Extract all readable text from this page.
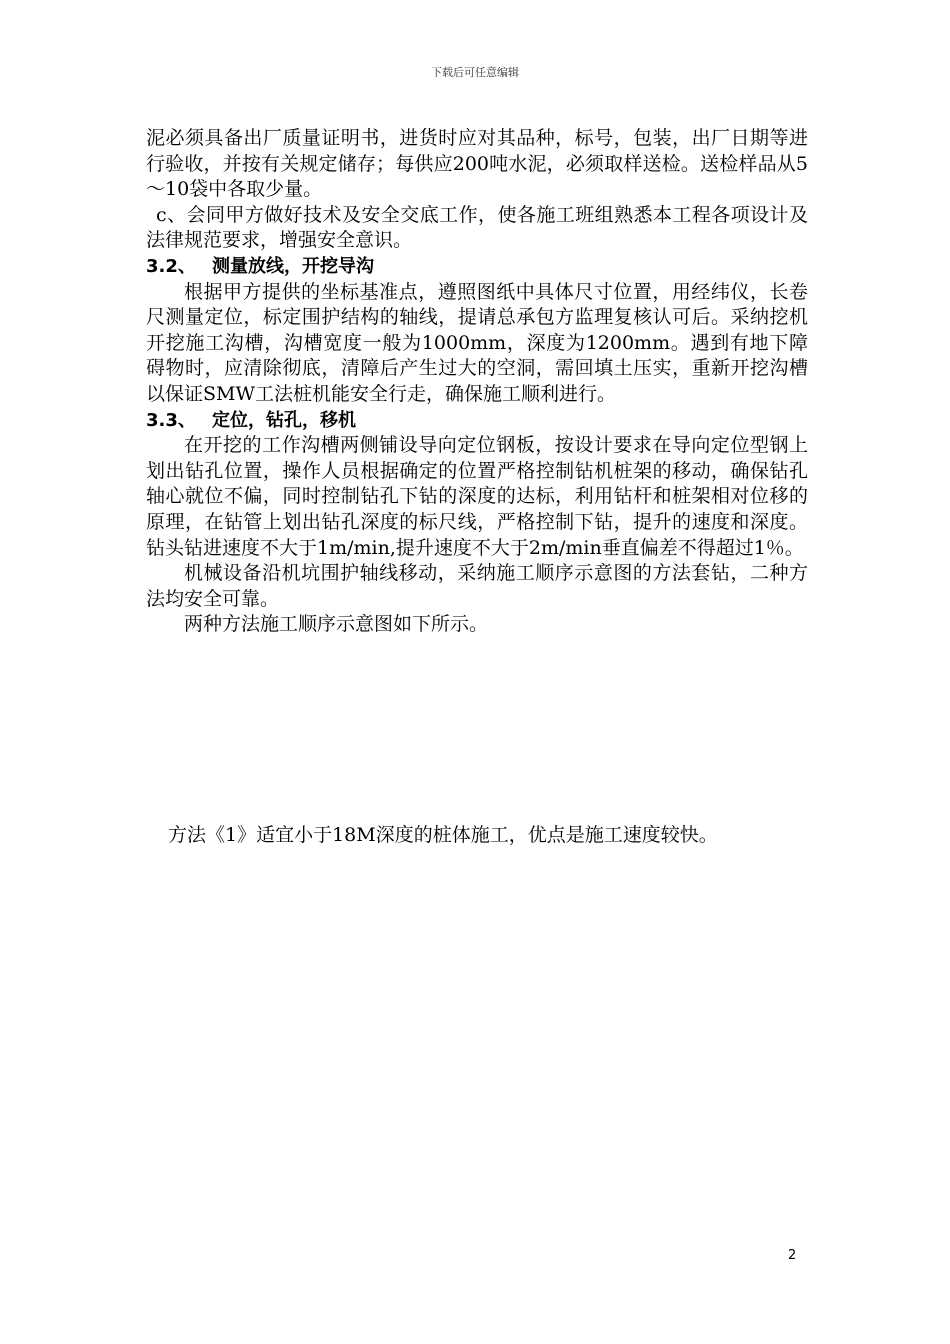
下载后可任意编辑

泥必须具备出厂质量证明书，进货时应对其品种，标号，包装，出厂日期等进行验收，并按有关规定储存；每供应200吨水泥，必须取样送检。送检样品从5～10袋中各取少量。

c、会同甲方做好技术及安全交底工作，使各施工班组熟悉本工程各项设计及法律规范要求，增强安全意识。

3.2、 测量放线，开挖导沟

根据甲方提供的坐标基准点，遵照图纸中具体尺寸位置，用经纬仪，长卷尺测量定位，标定围护结构的轴线，提请总承包方监理复核认可后。采纳挖机开挖施工沟槽，沟槽宽度一般为1000mm，深度为1200mm。遇到有地下障碍物时，应清除彻底，清障后产生过大的空洞，需回填土压实，重新开挖沟槽以保证SMW工法桩机能安全行走，确保施工顺利进行。

3.3、 定位，钻孔，移机

在开挖的工作沟槽两侧铺设导向定位钢板，按设计要求在导向定位型钢上划出钻孔位置，操作人员根据确定的位置严格控制钻机桩架的移动，确保钻孔轴心就位不偏，同时控制钻孔下钻的深度的达标，利用钻杆和桩架相对位移的原理，在钻管上划出钻孔深度的标尺线，严格控制下钻，提升的速度和深度。钻头钻进速度不大于1m/min,提升速度不大于2m/min垂直偏差不得超过1％。

机械设备沿机坑围护轴线移动，采纳施工顺序示意图的方法套钻，二种方法均安全可靠。

两种方法施工顺序示意图如下所示。

方法《1》适宜小于18M深度的桩体施工，优点是施工速度较快。
2
